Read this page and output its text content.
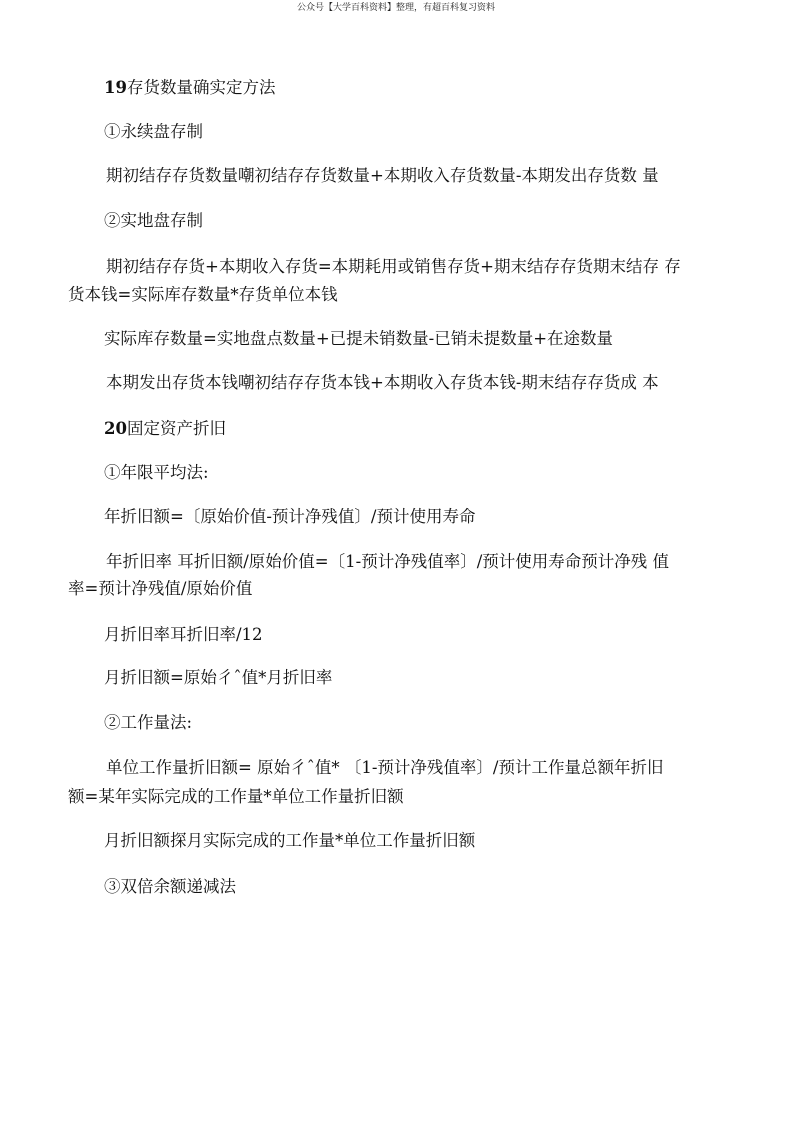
公众号【大学百科资料】整理，有超百科复习资料
19存货数量确实定方法
①永续盘存制
期初结存存货数量嘲初结存存货数量+本期收入存货数量-本期发出存货数 量
②实地盘存制
期初结存存货+本期收入存货=本期耗用或销售存货+期末结存存货期末结存 存
货本钱=实际库存数量*存货单位本钱
实际库存数量=实地盘点数量+已提未销数量-已销未提数量+在途数量
本期发出存货本钱嘲初结存存货本钱+本期收入存货本钱-期末结存存货成 本
20固定资产折旧
①年限平均法:
年折旧额=〔原始价值-预计净残值〕/预计使用寿命
年折旧率 耳折旧额/原始价值=〔1-预计净残值率〕/预计使用寿命预计净残 值
率=预计净残值/原始价值
月折旧率耳折旧率/12
月折旧额=原始彳ˆ值*月折旧率
②工作量法:
单位工作量折旧额= 原始彳ˆ值* 〔1-预计净残值率〕/预计工作量总额年折旧
额=某年实际完成的工作量*单位工作量折旧额
月折旧额探月实际完成的工作量*单位工作量折旧额
③双倍余额递减法
